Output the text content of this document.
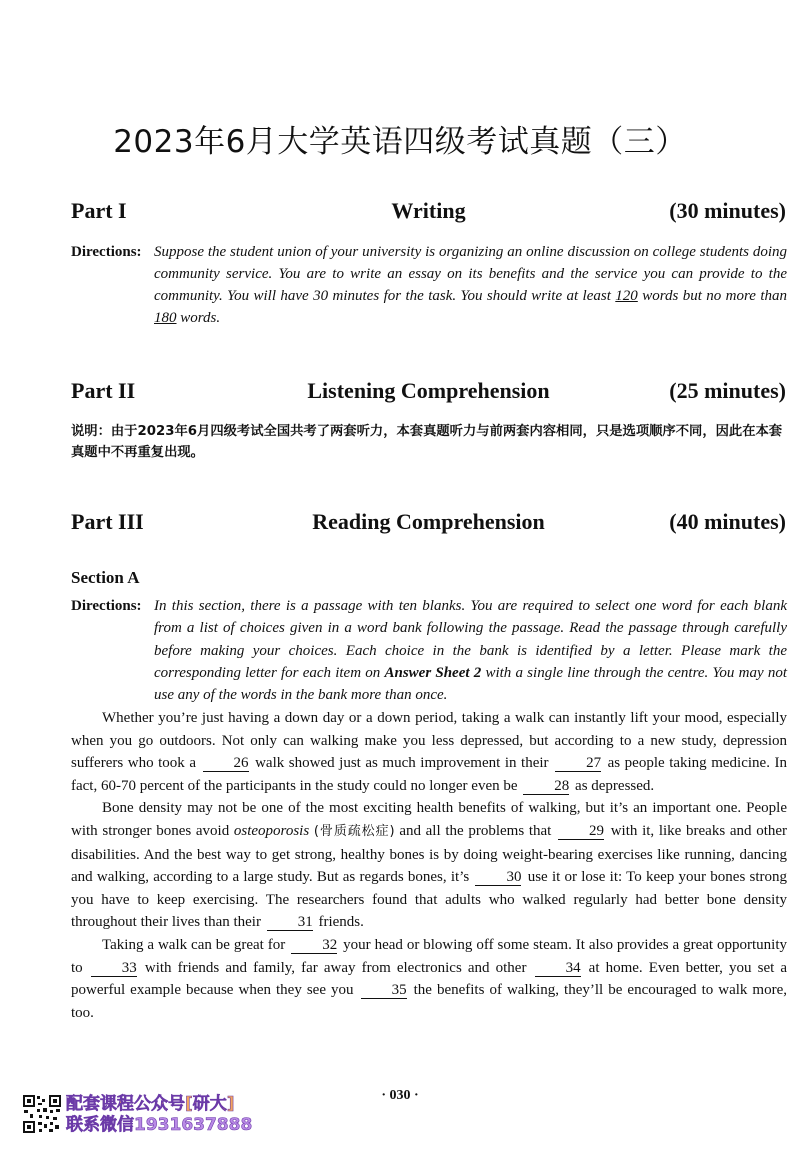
2023年6月大学英语四级考试真题（三）
Writing
Part I	(30 minutes)
Directions: Suppose the student union of your university is organizing an online discussion on college students doing community service. You are to write an essay on its benefits and the service you can provide to the community. You will have 30 minutes for the task. You should write at least 120 words but no more than 180 words.
Listening Comprehension
Part II	(25 minutes)
说明：由于2023年6月四级考试全国共考了两套听力，本套真题听力与前两套内容相同，只是选项顺序不同，因此在本套真题中不再重复出现。
Reading Comprehension
Part III	(40 minutes)
Section A
Directions: In this section, there is a passage with ten blanks. You are required to select one word for each blank from a list of choices given in a word bank following the passage. Read the passage through carefully before making your choices. Each choice in the bank is identified by a letter. Please mark the corresponding letter for each item on Answer Sheet 2 with a single line through the centre. You may not use any of the words in the bank more than once.

Whether you’re just having a down day or a down period, taking a walk can instantly lift your mood, especially when you go outdoors. Not only can walking make you less depressed, but according to a new study, depression sufferers who took a	26 walk showed just as much improvement in their	27 as people taking medicine. In fact, 60-70 percent of the participants in the study could no longer even be 28 as depressed.

Bone density may not be one of the most exciting health benefits of walking, but it’s an important one. People with stronger bones avoid osteoporosis (骨质疏松症) and all the problems that	29 with it, like breaks and other disabilities. And the best way to get strong, healthy bones is by doing weight-bearing exercises like running, dancing and walking, according to a large study. But as regards bones, it’s 30 use it or lose it: To keep your bones strong you have to keep exercising. The researchers found that adults who walked regularly had better bone density throughout their lives than their 31 friends.

Taking a walk can be great for 32 your head or blowing off some steam. It also provides a great opportunity to	33 with friends and family, far away from electronics and other	34 at home. Even better, you set a powerful example because when they see you	35 the benefits of walking, they’ll be encouraged to walk more, too.

· 030 ·
配套课程公众号[研大]
联系微信1931637888
